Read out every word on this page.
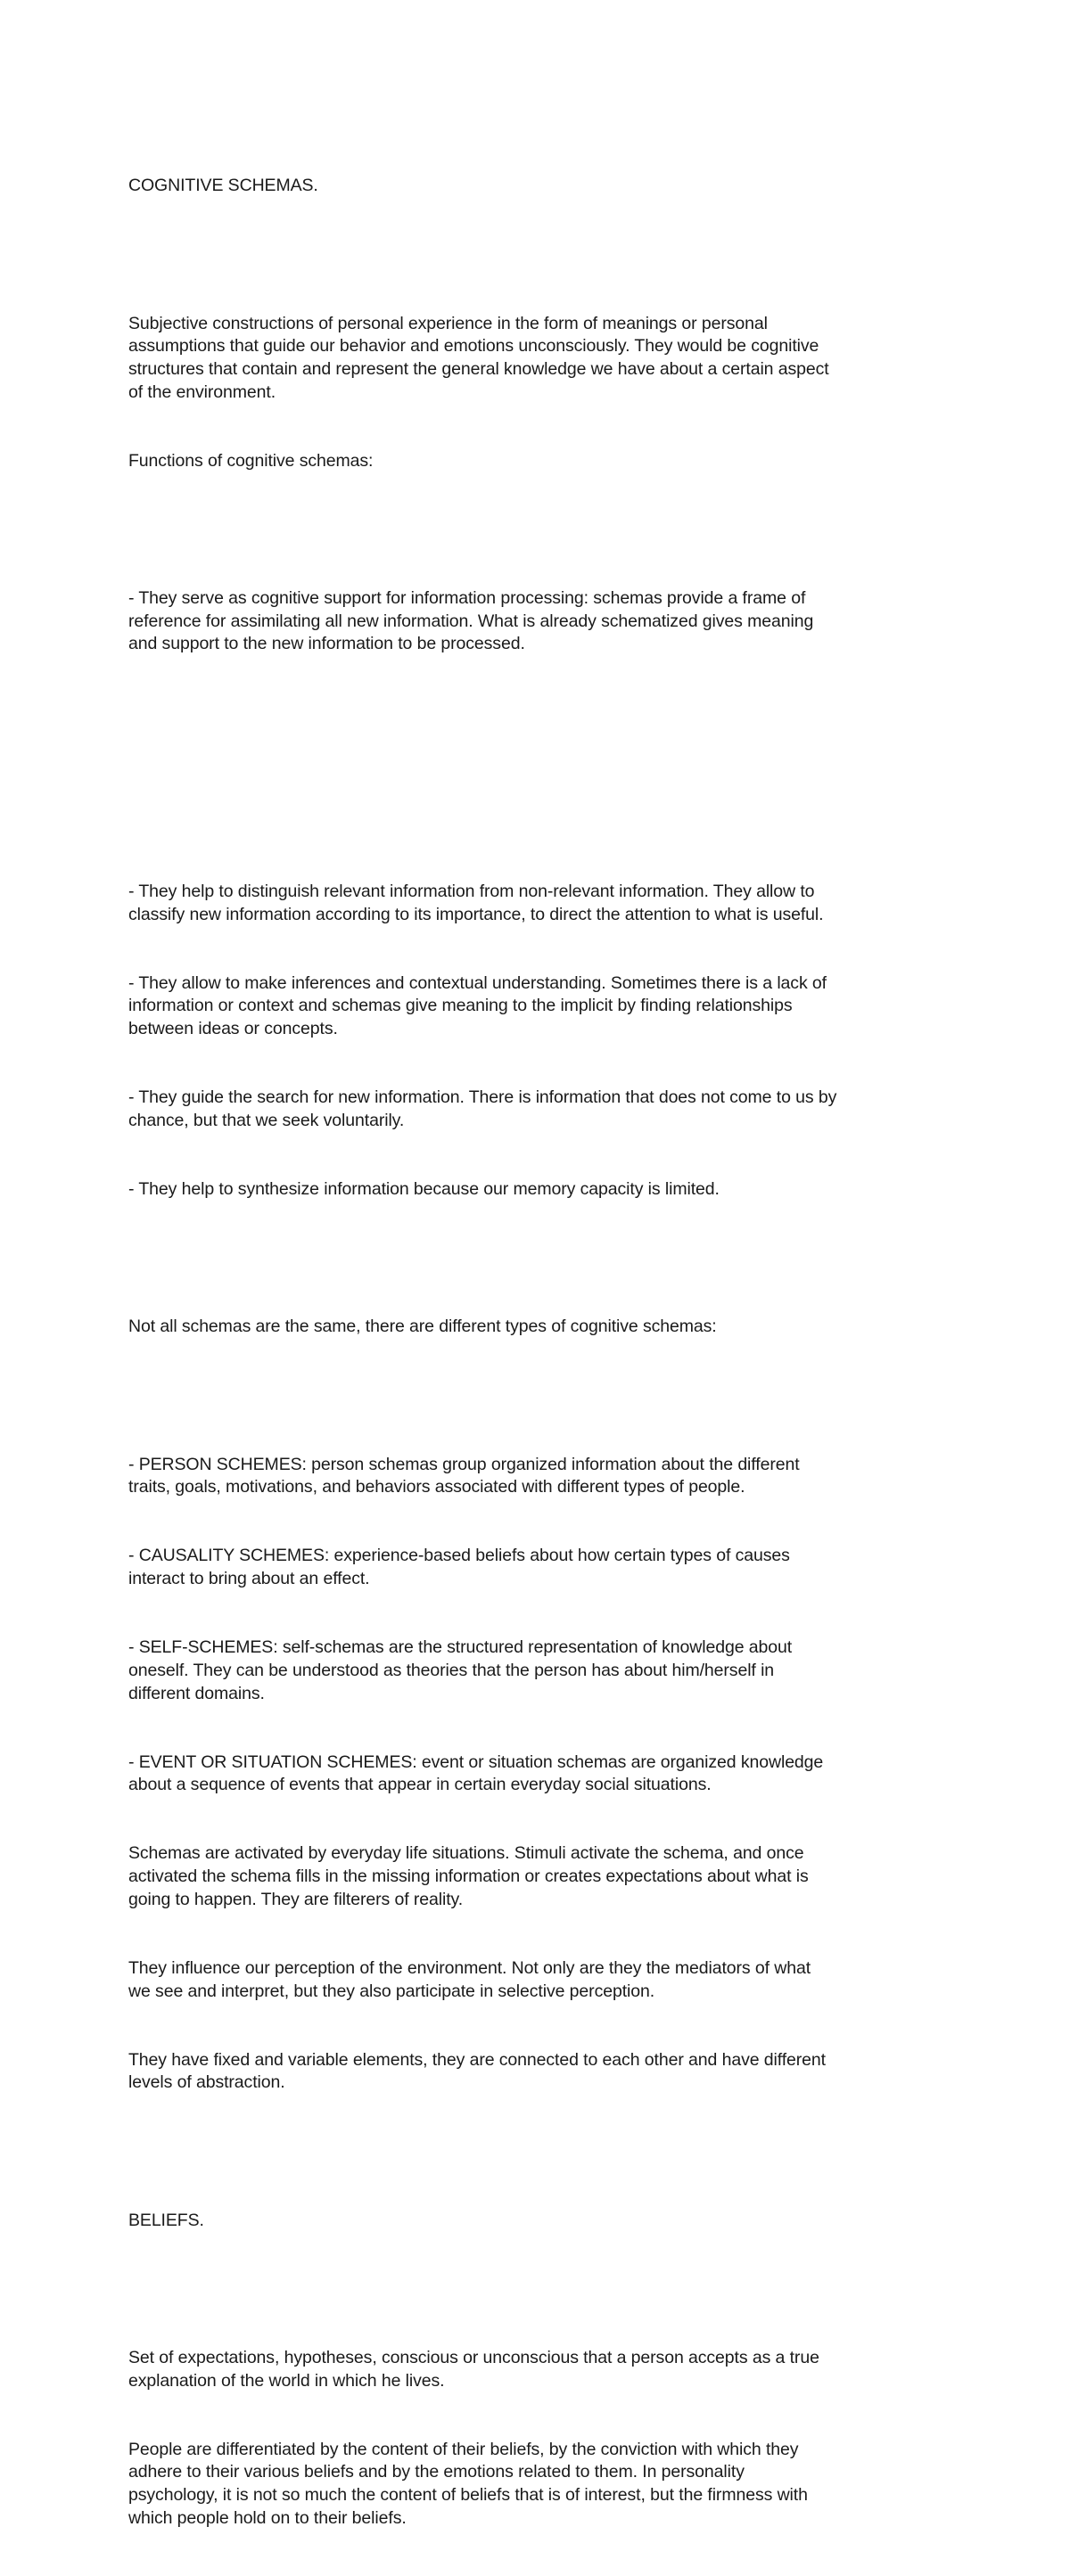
COGNITIVE SCHEMAS.

Subjective constructions of personal experience in the form of meanings or personal
assumptions that guide our behavior and emotions unconsciously. They would be cognitive
structures that contain and represent the general knowledge we have about a certain aspect
of the environment.

Functions of cognitive schemas:

- They serve as cognitive support for information processing: schemas provide a frame of
reference for assimilating all new information. What is already schematized gives meaning
and support to the new information to be processed.

- They help to distinguish relevant information from non-relevant information. They allow to
classify new information according to its importance, to direct the attention to what is useful.

- They allow to make inferences and contextual understanding. Sometimes there is a lack of
information or context and schemas give meaning to the implicit by finding relationships
between ideas or concepts.

- They guide the search for new information. There is information that does not come to us by
chance, but that we seek voluntarily.

- They help to synthesize information because our memory capacity is limited.

Not all schemas are the same, there are different types of cognitive schemas:

- PERSON SCHEMES: person schemas group organized information about the different
traits, goals, motivations, and behaviors associated with different types of people.

- CAUSALITY SCHEMES: experience-based beliefs about how certain types of causes
interact to bring about an effect.

- SELF-SCHEMES: self-schemas are the structured representation of knowledge about
oneself. They can be understood as theories that the person has about him/herself in
different domains.

- EVENT OR SITUATION SCHEMES: event or situation schemas are organized knowledge
about a sequence of events that appear in certain everyday social situations.

Schemas are activated by everyday life situations. Stimuli activate the schema, and once
activated the schema fills in the missing information or creates expectations about what is
going to happen. They are filterers of reality.

They influence our perception of the environment. Not only are they the mediators of what
we see and interpret, but they also participate in selective perception.

They have fixed and variable elements, they are connected to each other and have different
levels of abstraction.

BELIEFS.

Set of expectations, hypotheses, conscious or unconscious that a person accepts as a true
explanation of the world in which he lives.

People are differentiated by the content of their beliefs, by the conviction with which they
adhere to their various beliefs and by the emotions related to them. In personality
psychology, it is not so much the content of beliefs that is of interest, but the firmness with
which people hold on to their beliefs.
